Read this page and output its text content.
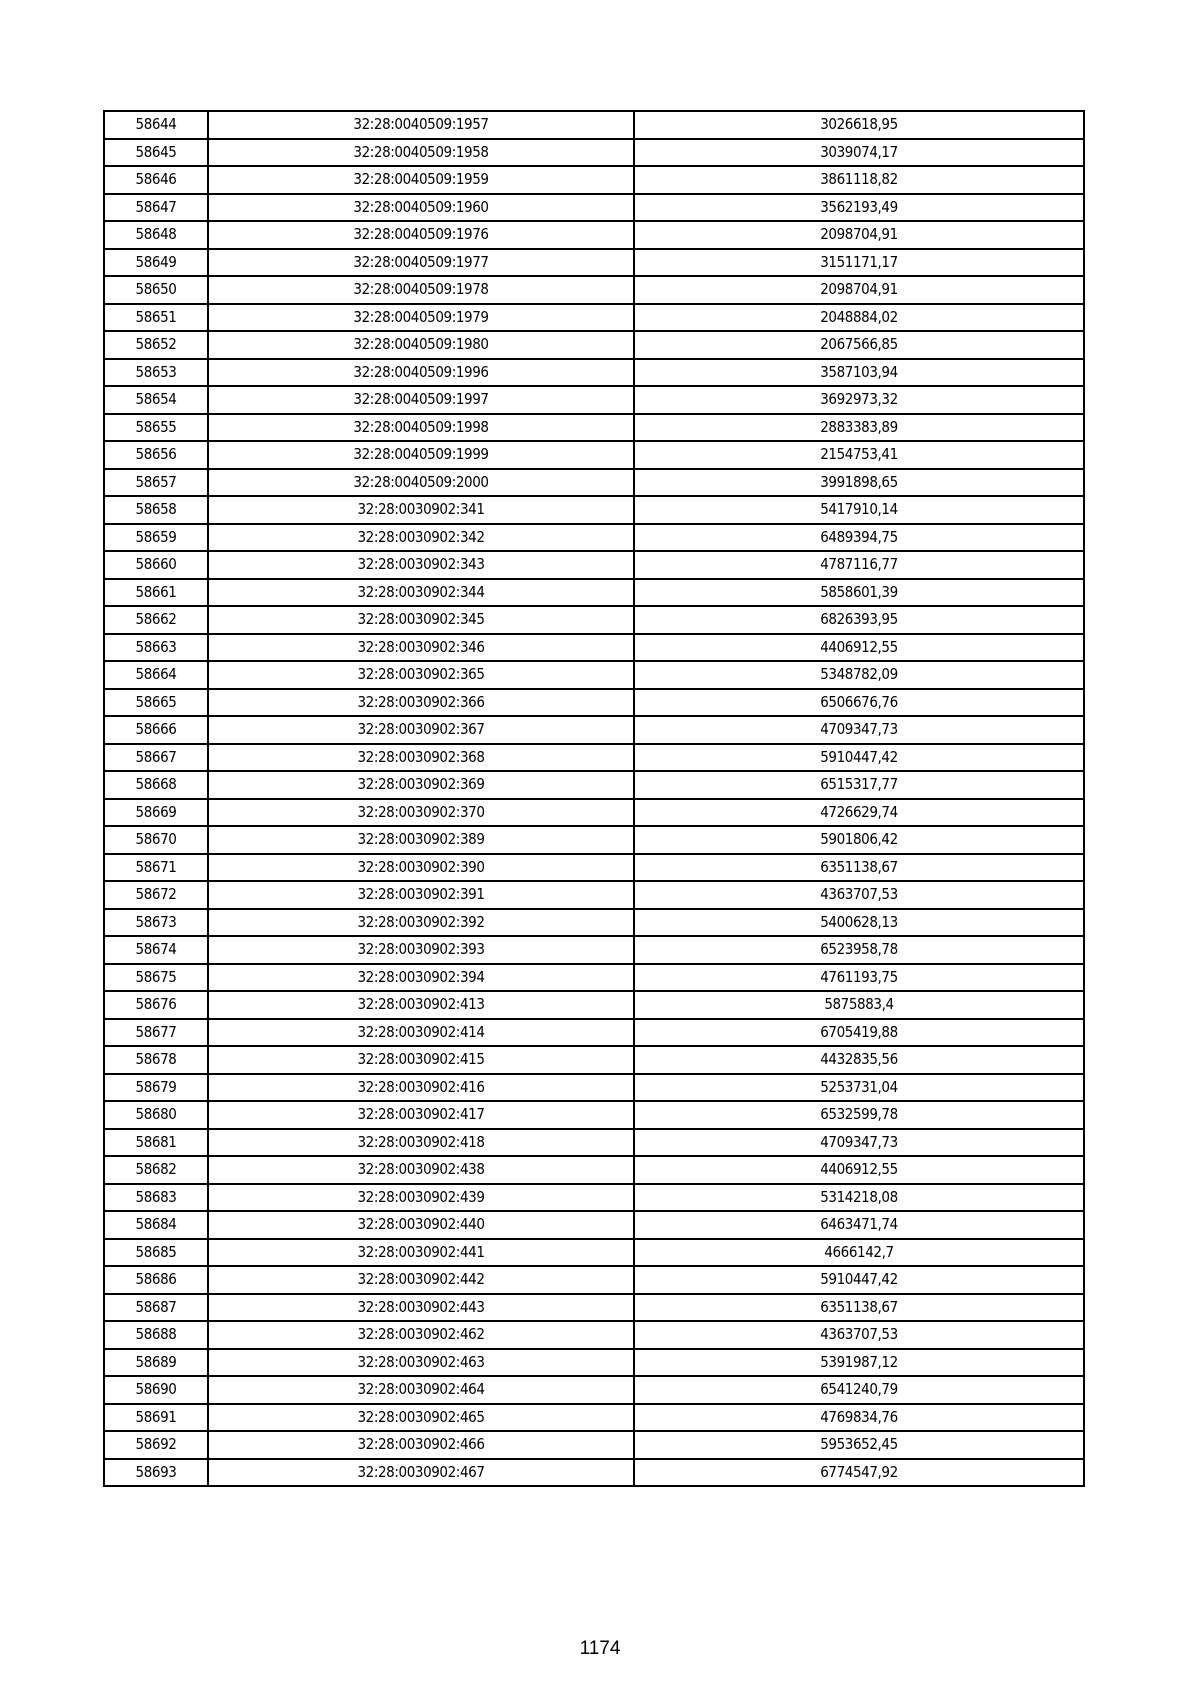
58644	32:28:0040509:1957	3026618,95
58645	32:28:0040509:1958	3039074,17
58646	32:28:0040509:1959	3861118,82
58647	32:28:0040509:1960	3562193,49
58648	32:28:0040509:1976	2098704,91
58649	32:28:0040509:1977	3151171,17
58650	32:28:0040509:1978	2098704,91
58651	32:28:0040509:1979	2048884,02
58652	32:28:0040509:1980	2067566,85
58653	32:28:0040509:1996	3587103,94
58654	32:28:0040509:1997	3692973,32
58655	32:28:0040509:1998	2883383,89
58656	32:28:0040509:1999	2154753,41
58657	32:28:0040509:2000	3991898,65
58658	32:28:0030902:341	5417910,14
58659	32:28:0030902:342	6489394,75
58660	32:28:0030902:343	4787116,77
58661	32:28:0030902:344	5858601,39
58662	32:28:0030902:345	6826393,95
58663	32:28:0030902:346	4406912,55
58664	32:28:0030902:365	5348782,09
58665	32:28:0030902:366	6506676,76
58666	32:28:0030902:367	4709347,73
58667	32:28:0030902:368	5910447,42
58668	32:28:0030902:369	6515317,77
58669	32:28:0030902:370	4726629,74
58670	32:28:0030902:389	5901806,42
58671	32:28:0030902:390	6351138,67
58672	32:28:0030902:391	4363707,53
58673	32:28:0030902:392	5400628,13
58674	32:28:0030902:393	6523958,78
58675	32:28:0030902:394	4761193,75
58676	32:28:0030902:413	5875883,4
58677	32:28:0030902:414	6705419,88
58678	32:28:0030902:415	4432835,56
58679	32:28:0030902:416	5253731,04
58680	32:28:0030902:417	6532599,78
58681	32:28:0030902:418	4709347,73
58682	32:28:0030902:438	4406912,55
58683	32:28:0030902:439	5314218,08
58684	32:28:0030902:440	6463471,74
58685	32:28:0030902:441	4666142,7
58686	32:28:0030902:442	5910447,42
58687	32:28:0030902:443	6351138,67
58688	32:28:0030902:462	4363707,53
58689	32:28:0030902:463	5391987,12
58690	32:28:0030902:464	6541240,79
58691	32:28:0030902:465	4769834,76
58692	32:28:0030902:466	5953652,45
58693	32:28:0030902:467	6774547,92
1174
